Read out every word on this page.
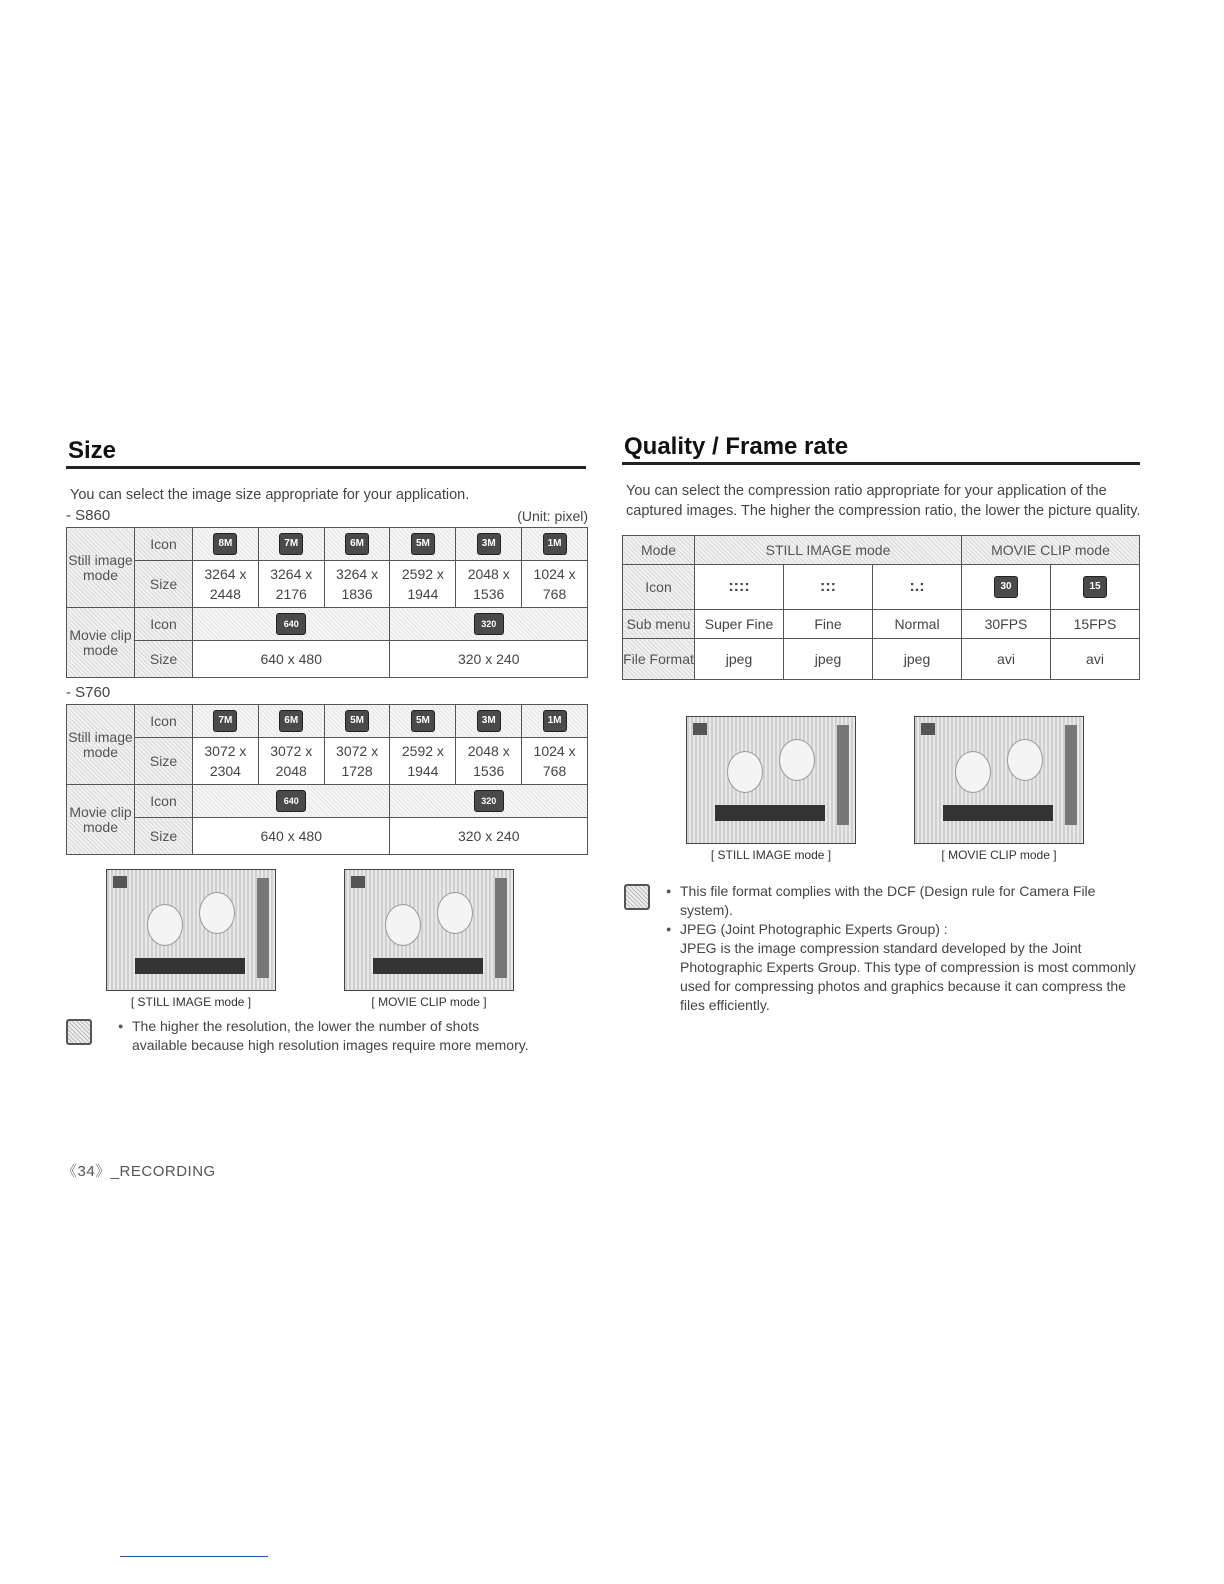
Size
You can select the image size appropriate for your application.
- S860	(Unit: pixel)
Still image mode	Icon	8M	7M	6M	5M	3M	1M
	Size	3264 x
2448	3264 x
2176	3264 x
1836	2592 x
1944	2048 x
1536	1024 x
768
Movie clip mode	Icon	640			320		
	Size	640 x 480			320 x 240		
- S760
Still image mode	Icon	7M	6M	5M	5M	3M	1M
	Size	3072 x
2304	3072 x
2048	3072 x
1728	2592 x
1944	2048 x
1536	1024 x
768
Movie clip mode	Icon	640			320		
	Size	640 x 480			320 x 240		
[ STILL IMAGE mode ]	[ MOVIE CLIP mode ]
● The higher the resolution, the lower the number of shots
available because high resolution images require more memory.
Quality / Frame rate
You can select the compression ratio appropriate for your application of the captured images. The higher the compression ratio, the lower the picture quality.
Mode	STILL IMAGE mode			MOVIE CLIP mode	
Icon	::::	:::	:.:	30	15
Sub menu	Super Fine	Fine	Normal	30FPS	15FPS
File Format	jpeg	jpeg	jpeg	avi	avi
[ STILL IMAGE mode ]	[ MOVIE CLIP mode ]
● This file format complies with the DCF (Design rule for Camera File system).
● JPEG (Joint Photographic Experts Group) :
JPEG is the image compression standard developed by the Joint Photographic Experts Group. This type of compression is most commonly used for compressing photos and graphics because it can compress the files efficiently.
《34》_RECORDING
